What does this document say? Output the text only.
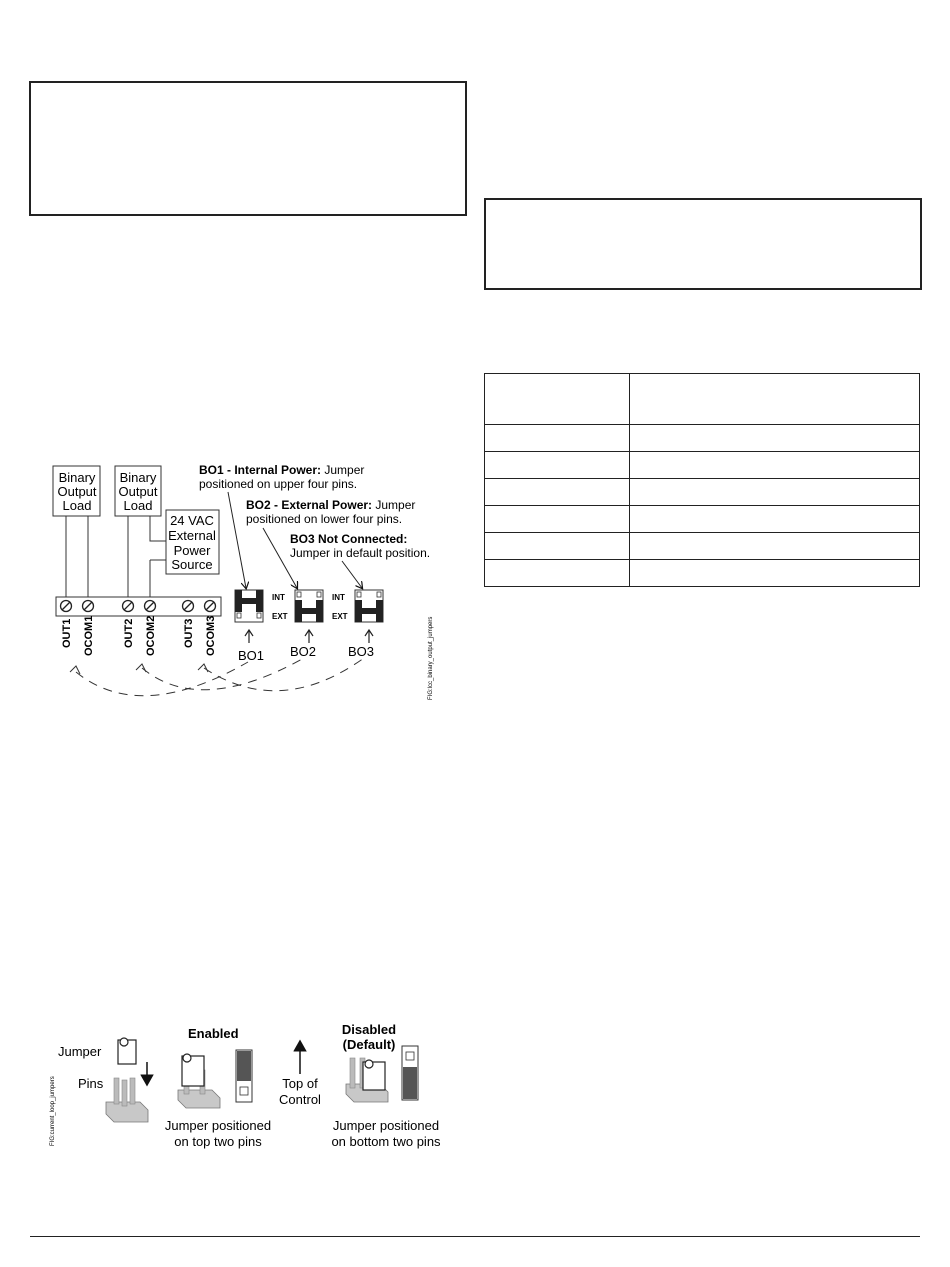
Binary
Output
Load
Binary
Output
Load
24 VAC
External
Power
Source
OUT1 OCOM1	OUT2 OCOM2 OUT3 OCOM3
BO1 - Internal Power: Jumper
positioned on upper four pins.
BO2 - External Power: Jumper
positioned on lower four pins.
BO3 Not Connected:
Jumper in default position.
BO1
INT
EXT
BO2
INT
EXT
BO3	FIG:lcc_binary_output_jumpers
FIG:current_loop_jumpers
Jumper
Pins
Enabled
Jumper positioned
on top two pins
Top of
Control
Disabled
(Default)
Jumper positioned
on bottom two pins
